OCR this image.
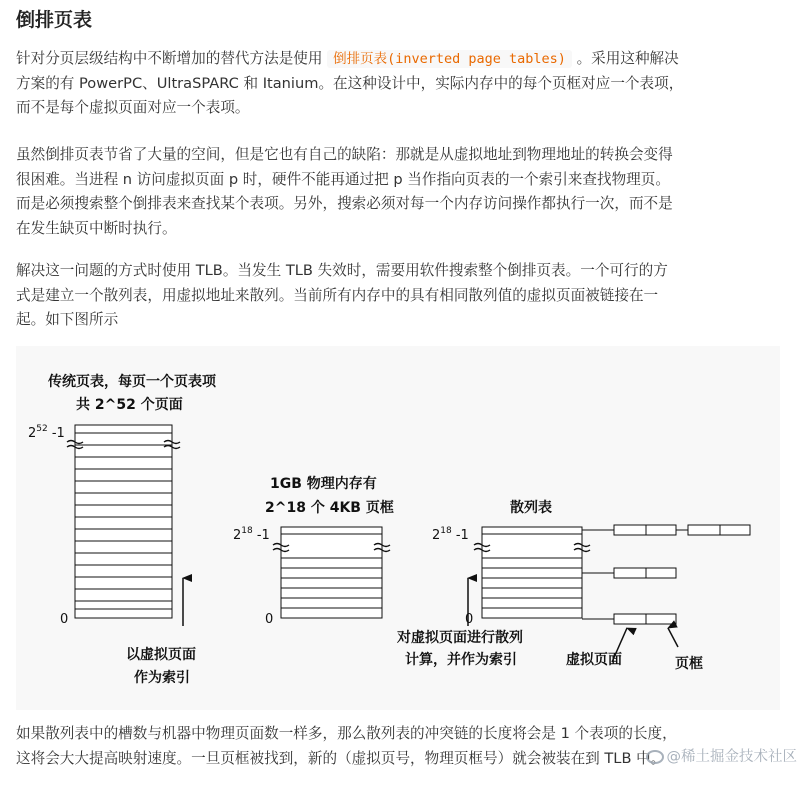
倒排页表
针对分页层级结构中不断增加的替代方法是使用 倒排页表(inverted page tables) 。采用这种解决
方案的有 PowerPC、UltraSPARC 和 Itanium。在这种设计中，实际内存中的每个页框对应一个表项，
而不是每个虚拟页面对应一个表项。
虽然倒排页表节省了大量的空间，但是它也有自己的缺陷：那就是从虚拟地址到物理地址的转换会变得
很困难。当进程 n 访问虚拟页面 p 时，硬件不能再通过把 p 当作指向页表的一个索引来查找物理页。
而是必须搜索整个倒排表来查找某个表项。另外，搜索必须对每一个内存访问操作都执行一次，而不是
在发生缺页中断时执行。
解决这一问题的方式时使用 TLB。当发生 TLB 失效时，需要用软件搜索整个倒排页表。一个可行的方
式是建立一个散列表，用虚拟地址来散列。当前所有内存中的具有相同散列值的虚拟页面被链接在一
起。如下图所示
传统页表，每页一个页表项
共 2^52 个页面
$2^{52}$ -1
0
以虚拟页面
作为索引
1GB 物理内存有
2^18 个 4KB 页框
$2^{18}$ -1
0
散列表
$2^{18}$ -1
0
对虚拟页面进行散列
计算，并作为索引	虚拟页面	页框
如果散列表中的槽数与机器中物理页面数一样多，那么散列表的冲突链的长度将会是 1 个表项的长度，
这将会大大提高映射速度。一旦页框被找到，新的（虚拟页号，物理页框号）就会被装在到 TLB 中。 @稀土掘金技术社区
